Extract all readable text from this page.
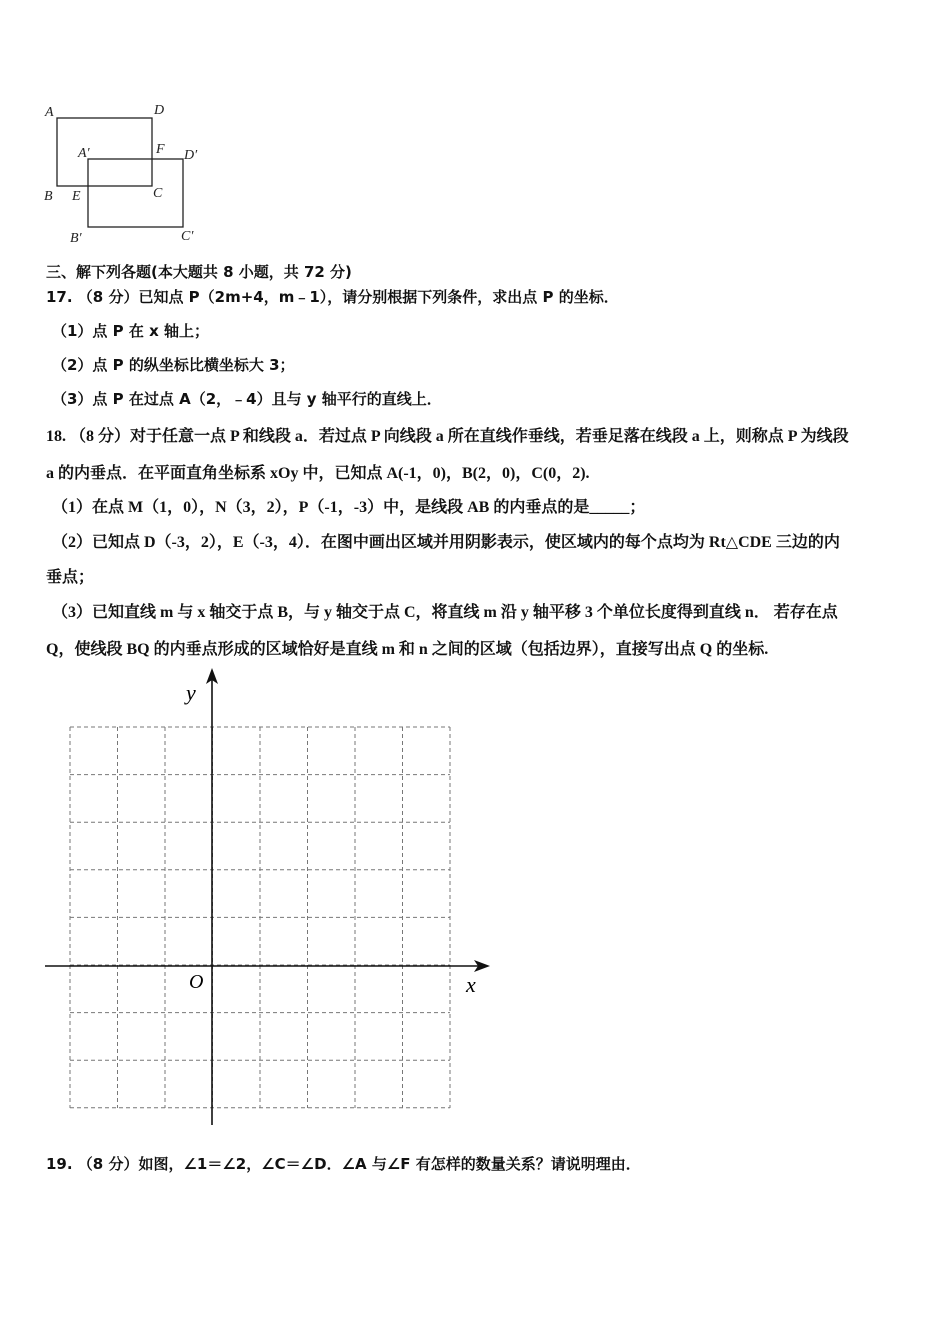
A	D
A′	F D′
B E	C
B′	C′
三、解下列各题(本大题共 8 小题，共 72 分)
17. （8 分）已知点 P（2m+4，m﹣1），请分别根据下列条件，求出点 P 的坐标．
（1）点 P 在 x 轴上；
（2）点 P 的纵坐标比横坐标大 3；
（3）点 P 在过点 A（2，﹣4）且与 y 轴平行的直线上．
18. （8 分）对于任意一点 P 和线段 a．若过点 P 向线段 a 所在直线作垂线，若垂足落在线段 a 上，则称点 P 为线段
a 的内垂点．在平面直角坐标系 xOy 中，已知点 A(-1，0)，B(2，0)，C(0，2).
（1）在点 M（1，0），N（3，2），P（-1，-3）中，是线段 AB 的内垂点的是_____；
（2）已知点 D（-3，2），E（-3，4）．在图中画出区域并用阴影表示，使区域内的每个点均为 Rt△CDE 三边的内
垂点；
（3）已知直线 m 与 x 轴交于点 B，与 y 轴交于点 C，将直线 m 沿 y 轴平移 3 个单位长度得到直线 n． 若存在点
Q，使线段 BQ 的内垂点形成的区域恰好是直线 m 和 n 之间的区域（包括边界），直接写出点 Q 的坐标.
y
x
O
19. （8 分）如图，∠1＝∠2，∠C＝∠D．∠A 与∠F 有怎样的数量关系？请说明理由．
